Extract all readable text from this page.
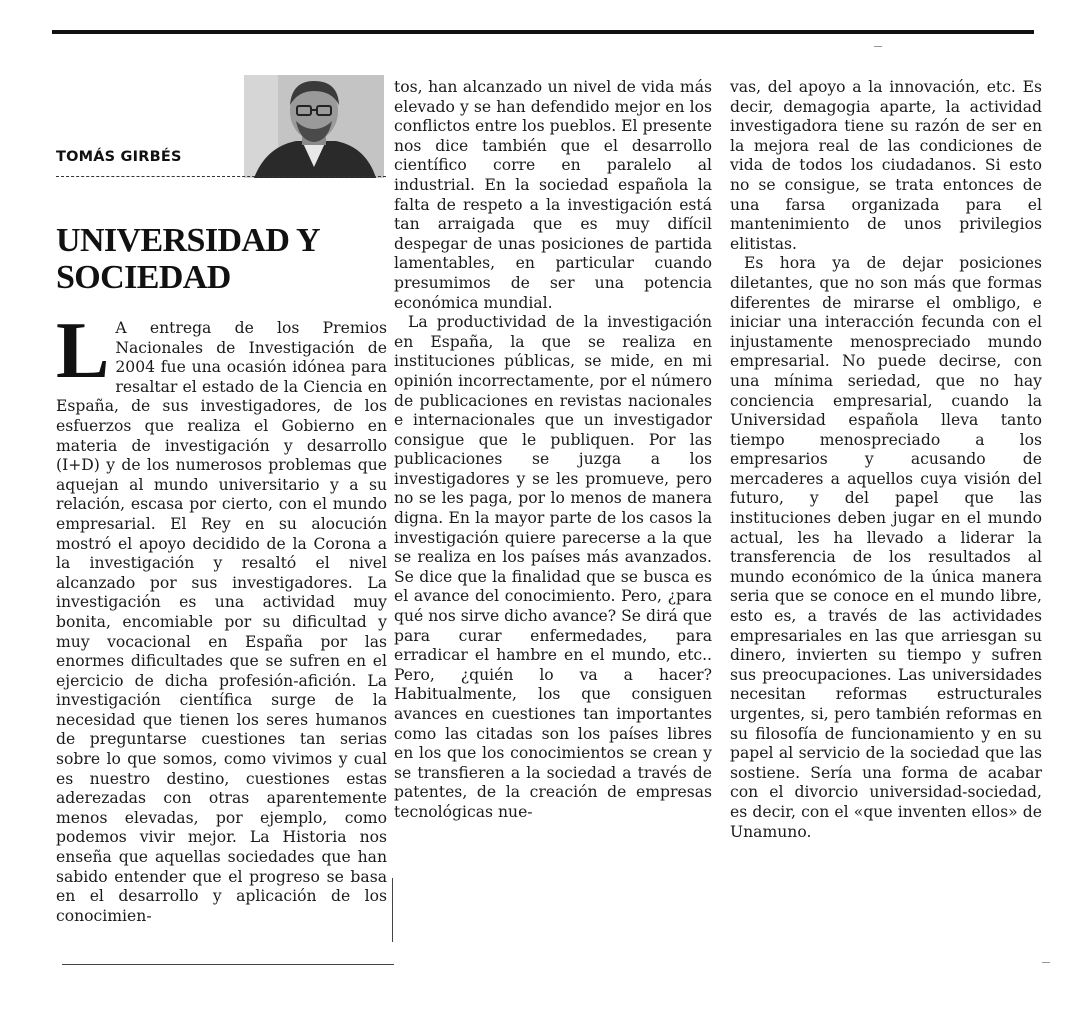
TOMÁS GIRBÉS
UNIVERSIDAD Y SOCIEDAD

L A entrega de los Premios Nacionales de Investigación de 2004 fue una ocasión idónea para resaltar el estado de la Ciencia en España, de sus investigadores, de los esfuerzos que realiza el Gobierno en materia de investigación y desarrollo (I+D) y de los numerosos problemas que aquejan al mundo universitario y a su relación, escasa por cierto, con el mundo empresarial. El Rey en su alocución mostró el apoyo decidido de la Corona a la investigación y resaltó el nivel alcanzado por sus investigadores. La investigación es una actividad muy bonita, encomiable por su dificultad y muy vocacional en España por las enormes dificultades que se sufren en el ejercicio de dicha profesión-afición. La investigación científica surge de la necesidad que tienen los seres humanos de preguntarse cuestiones tan serias sobre lo que somos, como vivimos y cual es nuestro destino, cuestiones estas aderezadas con otras aparentemente menos elevadas, por ejemplo, como podemos vivir mejor. La Historia nos enseña que aquellas sociedades que han sabido entender que el progreso se basa en el desarrollo y aplicación de los conocimien-

tos, han alcanzado un nivel de vida más elevado y se han defendido mejor en los conflictos entre los pueblos. El presente nos dice también que el desarrollo científico corre en paralelo al industrial. En la sociedad española la falta de respeto a la investigación está tan arraigada que es muy difícil despegar de unas posiciones de partida lamentables, en particular cuando presumimos de ser una potencia económica mundial.

La productividad de la investigación en España, la que se realiza en instituciones públicas, se mide, en mi opinión incorrectamente, por el número de publicaciones en revistas nacionales e internacionales que un investigador consigue que le publiquen. Por las publicaciones se juzga a los investigadores y se les promueve, pero no se les paga, por lo menos de manera digna. En la mayor parte de los casos la investigación quiere parecerse a la que se realiza en los países más avanzados. Se dice que la finalidad que se busca es el avance del conocimiento. Pero, ¿para qué nos sirve dicho avance? Se dirá que para curar enfermedades, para erradicar el hambre en el mundo, etc.. Pero, ¿quién lo va a hacer? Habitualmente, los que consiguen avances en cuestiones tan importantes como las citadas son los países libres en los que los conocimientos se crean y se transfieren a la sociedad a través de patentes, de la creación de empresas tecnológicas nue-

vas, del apoyo a la innovación, etc. Es decir, demagogia aparte, la actividad investigadora tiene su razón de ser en la mejora real de las condiciones de vida de todos los ciudadanos. Si esto no se consigue, se trata entonces de una farsa organizada para el mantenimiento de unos privilegios elitistas.

Es hora ya de dejar posiciones diletantes, que no son más que formas diferentes de mirarse el ombligo, e iniciar una interacción fecunda con el injustamente menospreciado mundo empresarial. No puede decirse, con una mínima seriedad, que no hay conciencia empresarial, cuando la Universidad española lleva tanto tiempo menospreciado a los empresarios y acusando de mercaderes a aquellos cuya visión del futuro, y del papel que las instituciones deben jugar en el mundo actual, les ha llevado a liderar la transferencia de los resultados al mundo económico de la única manera seria que se conoce en el mundo libre, esto es, a través de las actividades empresariales en las que arriesgan su dinero, invierten su tiempo y sufren sus preocupaciones. Las universidades necesitan reformas estructurales urgentes, si, pero también reformas en su filosofía de funcionamiento y en su papel al servicio de la sociedad que las sostiene. Sería una forma de acabar con el divorcio universidad-sociedad, es decir, con el «que inventen ellos» de Unamuno.
